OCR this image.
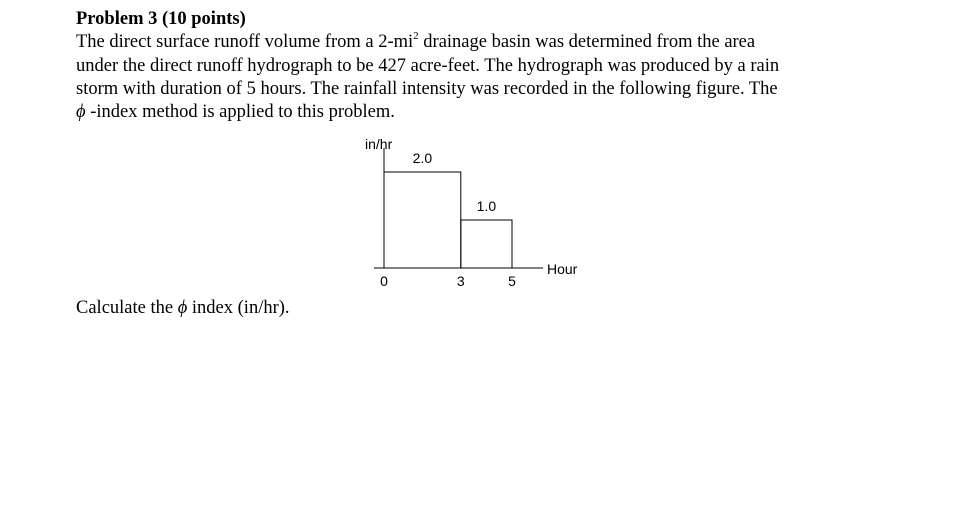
Problem 3 (10 points)
The direct surface runoff volume from a $2-mi^2$ drainage basin was determined from the area
under the direct runoff hydrograph to be 427 acre-feet. The hydrograph was produced by a rain
storm with duration of 5 hours. The rainfall intensity was recorded in the following figure. The
ϕ -index method is applied to this problem.
2.0
1.0
0	3	5
in/hr
Hour
Calculate the ϕ index (in/hr).
